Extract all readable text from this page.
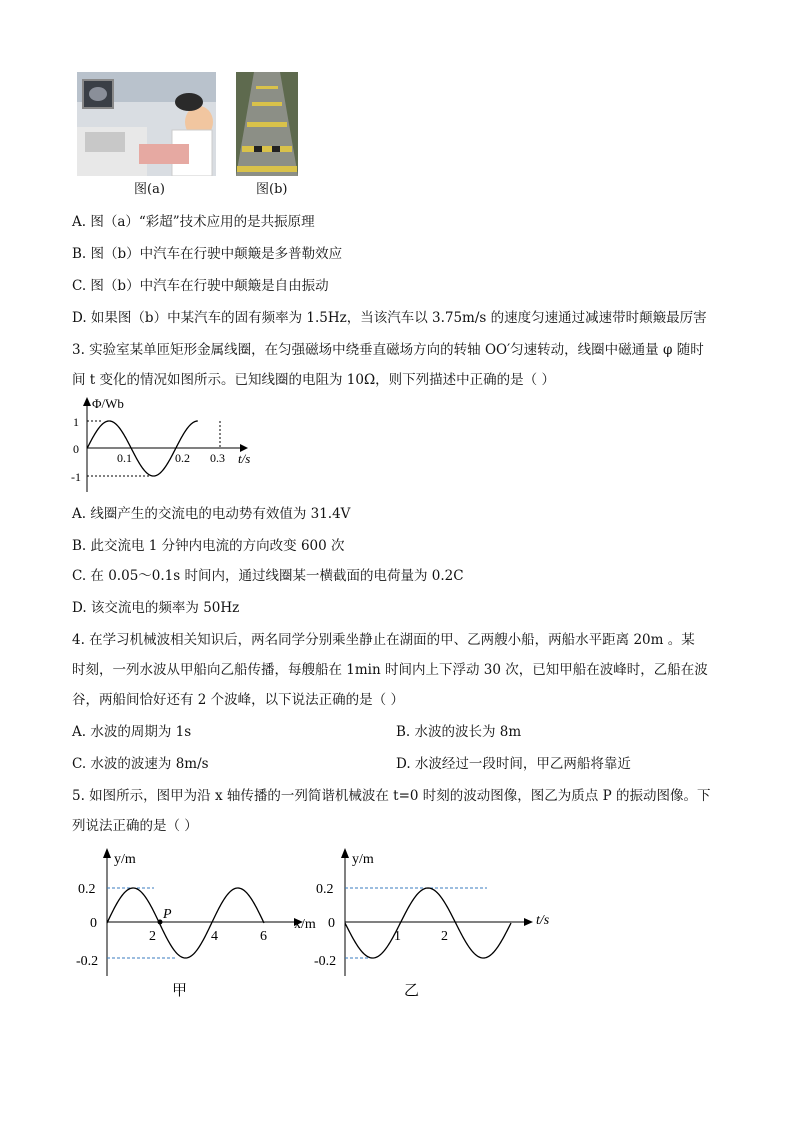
图(a)	图(b)
A. 图（a）“彩超”技术应用的是共振原理
B. 图（b）中汽车在行驶中颠簸是多普勒效应
C. 图（b）中汽车在行驶中颠簸是自由振动
D. 如果图（b）中某汽车的固有频率为 1.5Hz，当该汽车以 3.75m/s 的速度匀速通过减速带时颠簸最厉害
3. 实验室某单匝矩形金属线圈，在匀强磁场中绕垂直磁场方向的转轴 OO′匀速转动，线圈中磁通量 φ 随时
间 t 变化的情况如图所示。已知线圈的电阻为 10Ω，则下列描述中正确的是（ ）
Φ/Wb
t/s
1
0
-1
0.1	0.2 0.3
A. 线圈产生的交流电的电动势有效值为 31.4V
B. 此交流电 1 分钟内电流的方向改变 600 次
C. 在 0.05～0.1s 时间内，通过线圈某一横截面的电荷量为 0.2C
D. 该交流电的频率为 50Hz
4. 在学习机械波相关知识后，两名同学分别乘坐静止在湖面的甲、乙两艘小船，两船水平距离 20m 。某
时刻，一列水波从甲船向乙船传播，每艘船在 1min 时间内上下浮动 30 次，已知甲船在波峰时，乙船在波
谷，两船间恰好还有 2 个波峰，以下说法正确的是（ ）
A. 水波的周期为 1s	B. 水波的波长为 8m
C. 水波的波速为 8m/s	D. 水波经过一段时间，甲乙两船将靠近
5. 如图所示，图甲为沿 x 轴传播的一列简谐机械波在 t=0 时刻的波动图像，图乙为质点 P 的振动图像。下
列说法正确的是（ ）
y/m
x/m
0.2
0
-0.2
2	4	6
P
甲
y/m
t/s
0.2
0
-0.2
1	2
乙
